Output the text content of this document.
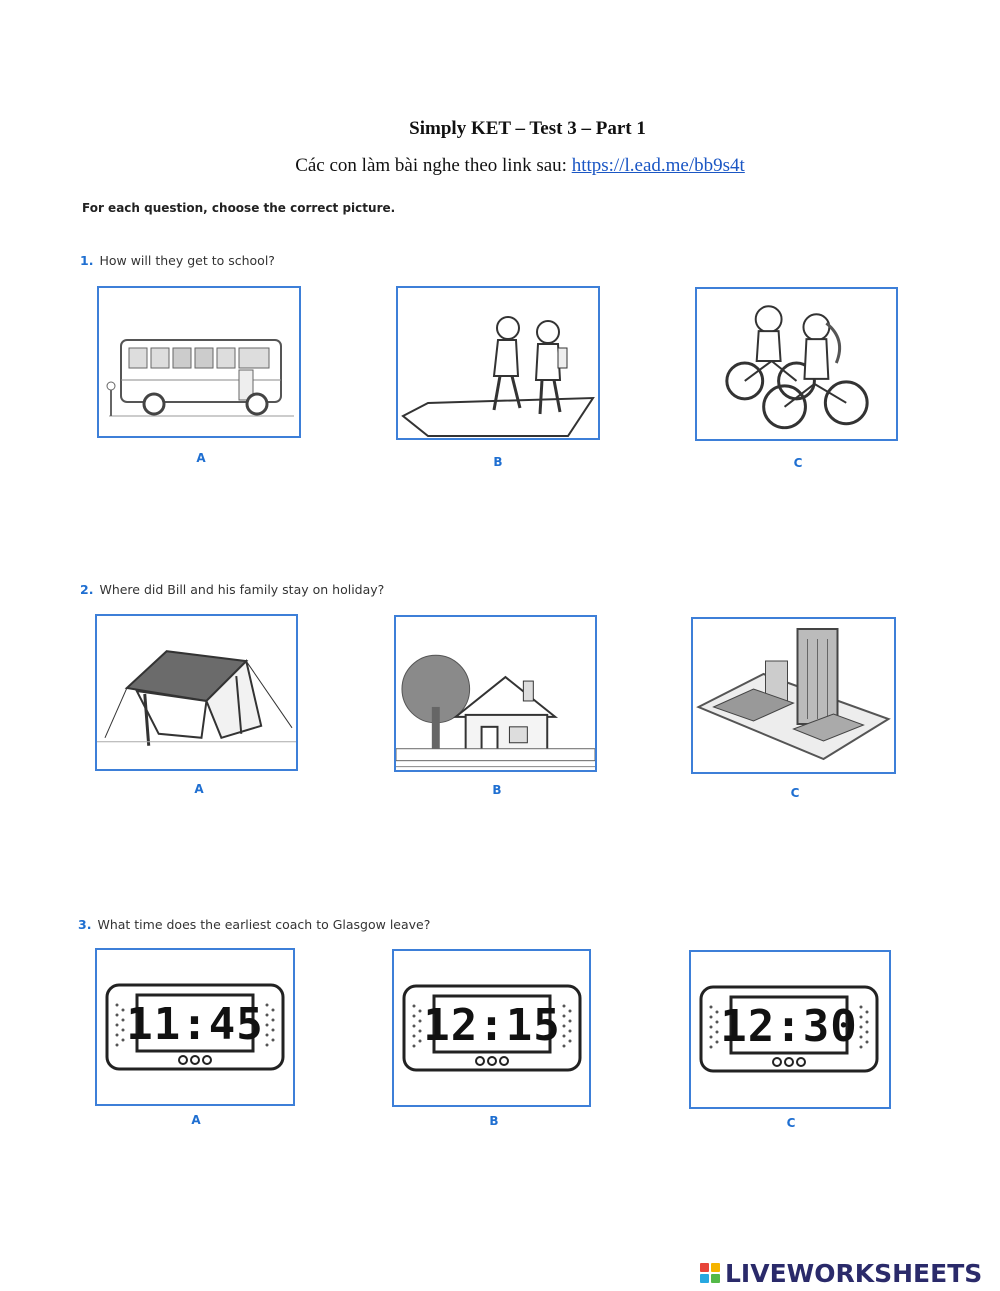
Simply KET – Test 3 – Part 1
Các con làm bài nghe theo link sau: https://l.ead.me/bb9s4t
For each question, choose the correct picture.
1. How will they get to school?
A	B	C
2. Where did Bill and his family stay on holiday?
A	B	C
3. What time does the earliest coach to Glasgow leave?
11:45
A
12:15
B
12:30
C
LIVEWORKSHEETS
